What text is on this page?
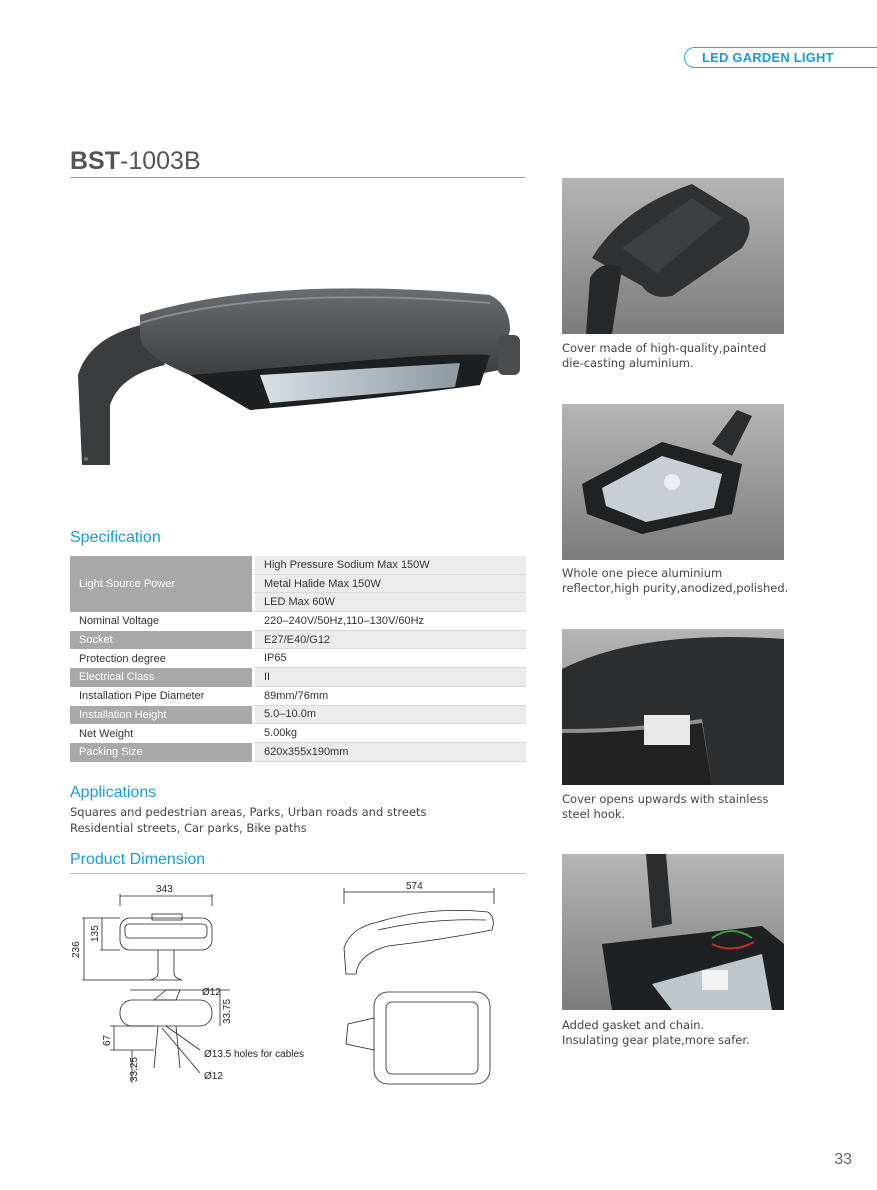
LED GARDEN LIGHT
BST-1003B
Specification
Light Source Power	High Pressure Sodium Max 150W
	Metal Halide Max 150W
	LED Max 60W
Nominal Voltage	220–240V/50Hz,110–130V/60Hz
Socket	E27/E40/G12
Protection degree	IP65
Electrical Class	II
Installation Pipe Diameter	89mm/76mm
Installation Height	5.0–10.0m
Net Weight	5.00kg
Packing Size	620x355x190mm
Applications
Squares and pedestrian areas, Parks, Urban roads and streets
Residential streets, Car parks, Bike paths
Product Dimension
343
236
135
Ø12
33.75
67
Ø13.5 holes for cables
33.25	Ø12
574
Cover made of high-quality,painted
die-casting aluminium.
Whole one piece aluminium
reflector,high purity,anodized,polished.
Cover opens upwards with stainless
steel hook.
Added gasket and chain.
Insulating gear plate,more safer.
33
